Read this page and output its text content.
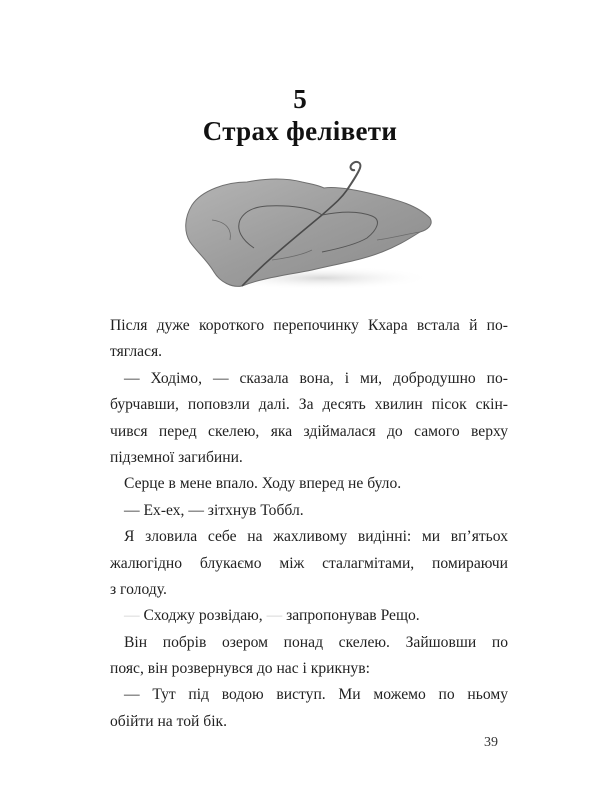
5
Страх фелівети
Після дуже короткого перепочинку Кхара встала й по-
тяглася.
— Ходімо, — сказала вона, і ми, добродушно по-
бурчавши, поповзли далі. За десять хвилин пісок скін-
чився перед скелею, яка здіймалася до самого верху
підземної загибини.
Серце в мене впало. Ходу вперед не було.
— Ех-ех, — зітхнув Тоббл.
Я зловила себе на жахливому видінні: ми вп’ятьох
жалюгідно блукаємо між сталагмітами, помираючи
з голоду.
— Сходжу розвідаю, — запропонував Рещо.
Він побрів озером понад скелею. Зайшовши по
пояс, він розвернувся до нас і крикнув:
— Тут під водою виступ. Ми можемо по ньому
обійти на той бік.
39
